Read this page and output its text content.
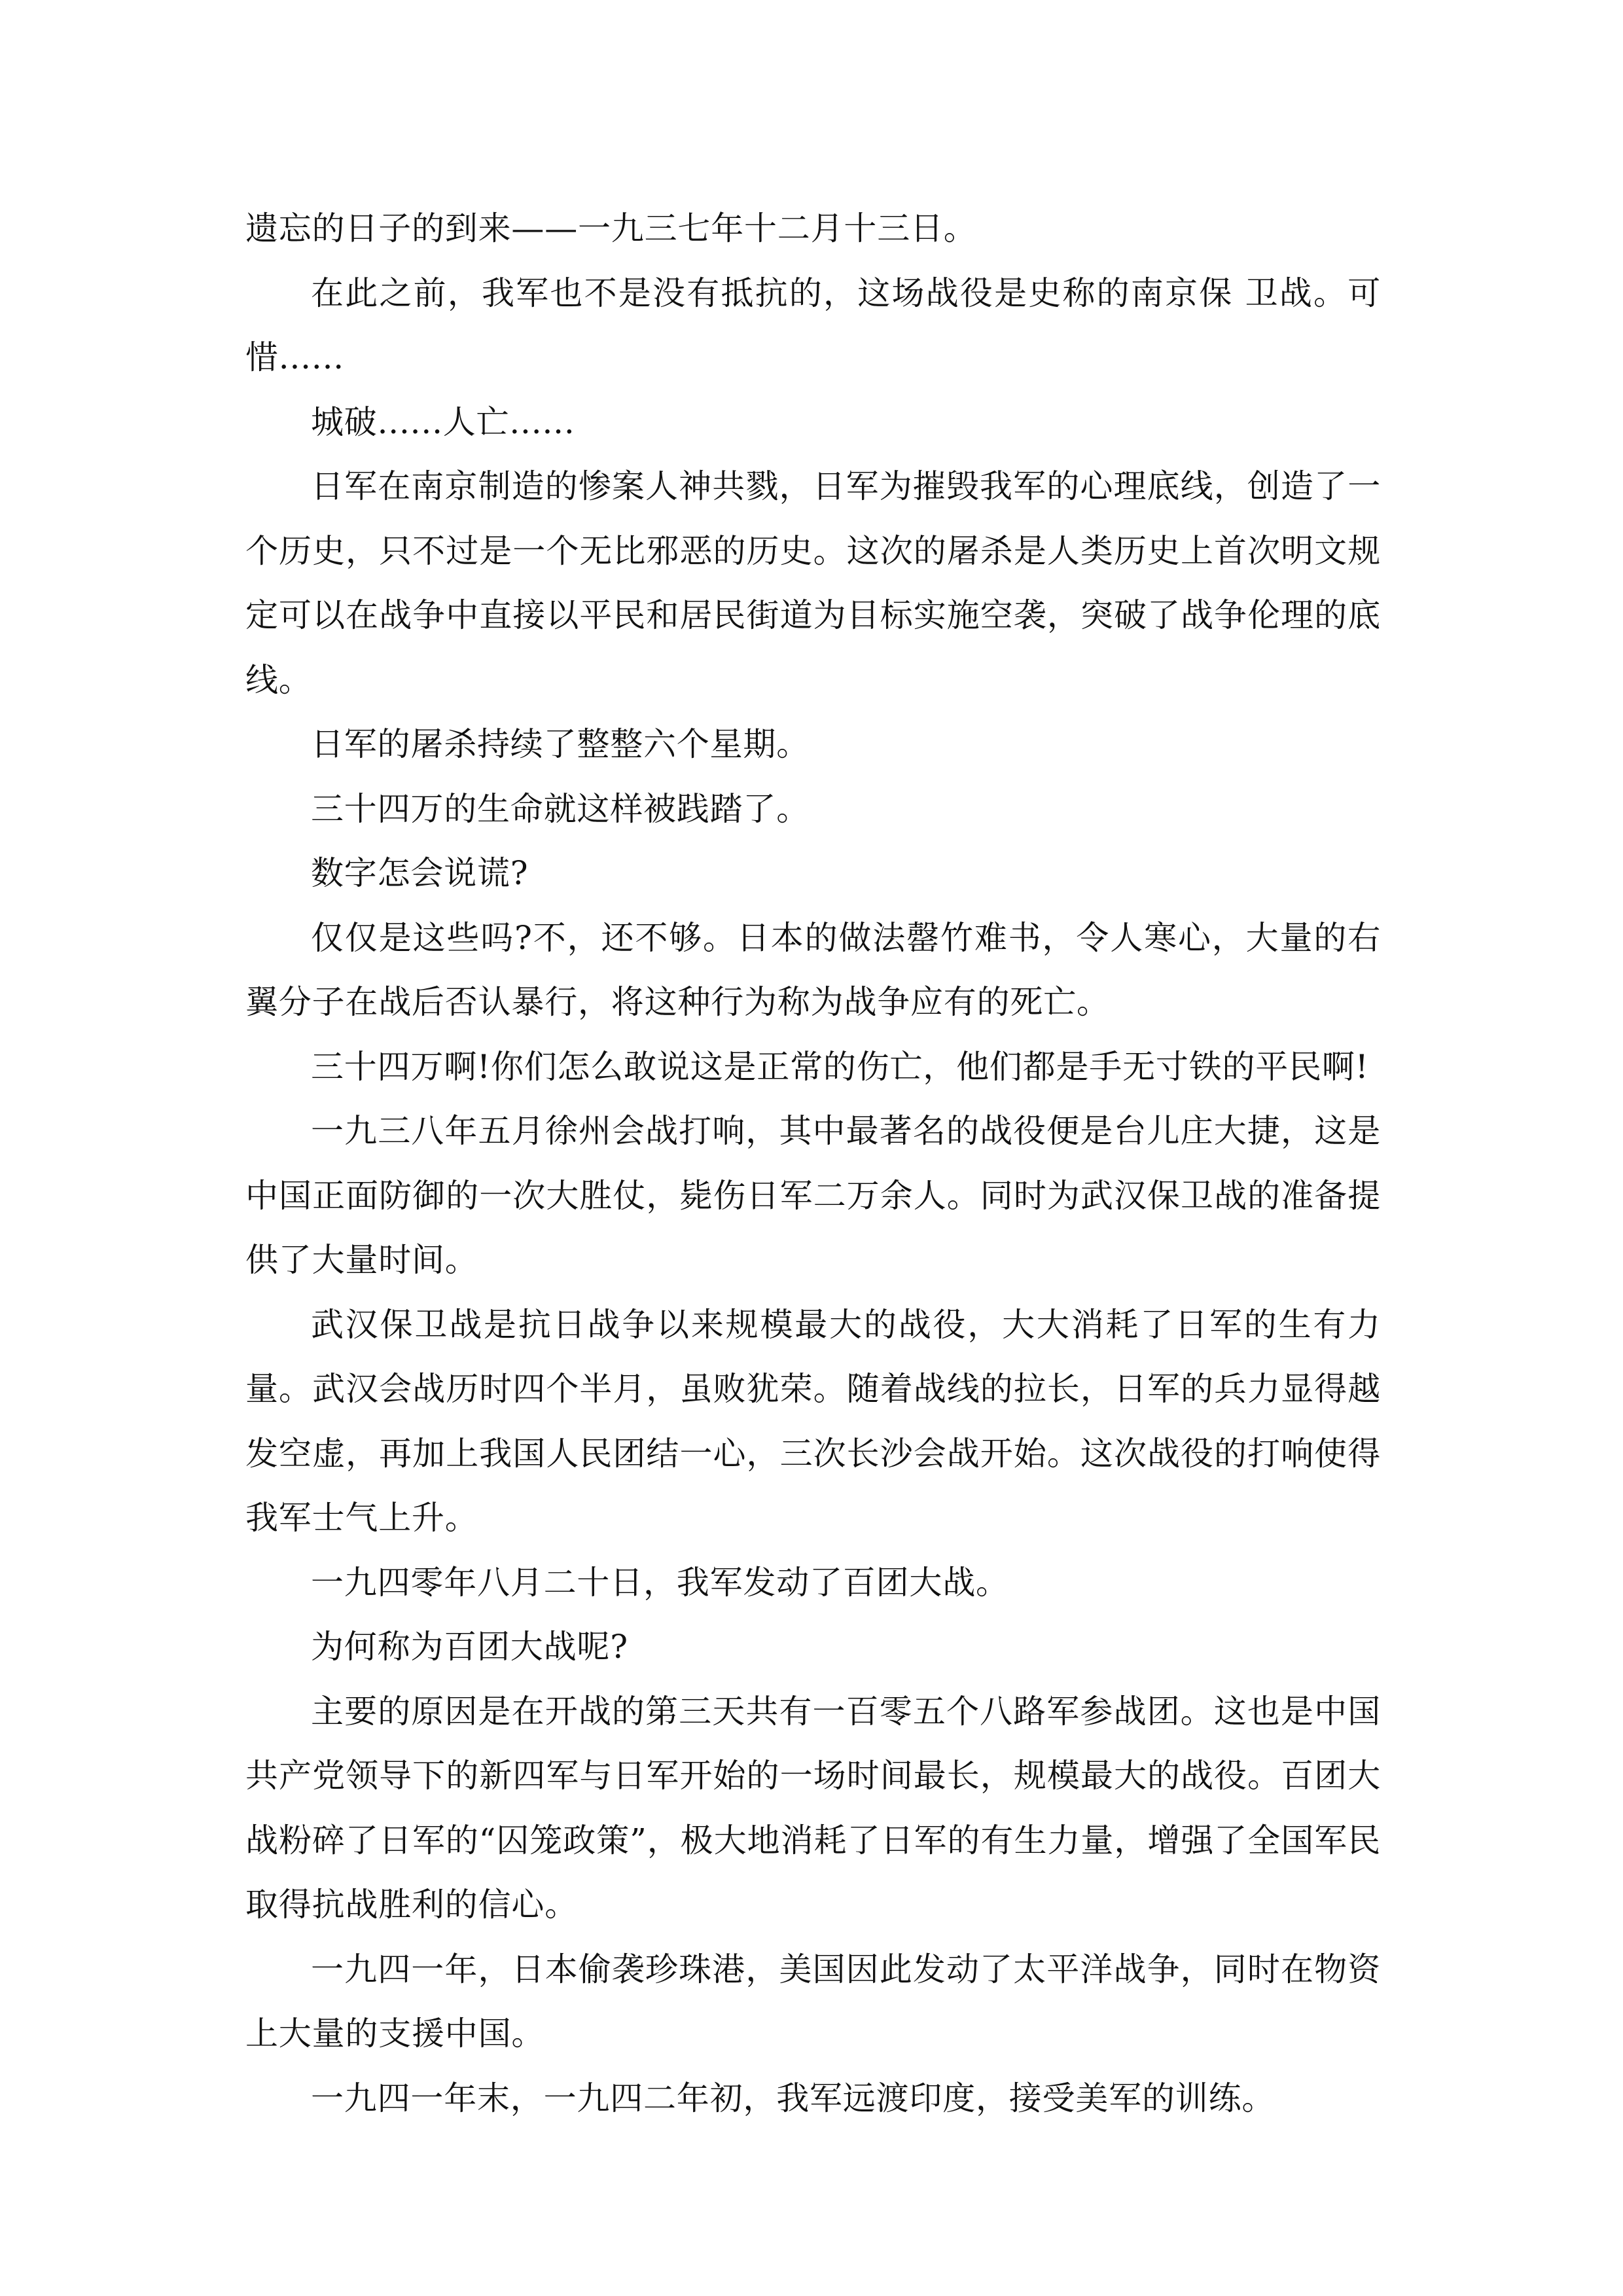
遗忘的日子的到来——一九三七年十二月十三日。

在此之前，我军也不是没有抵抗的，这场战役是史称的南京保 卫战。可惜......

城破......人亡......

日军在南京制造的惨案人神共戮，日军为摧毁我军的心理底线，创造了一个历史，只不过是一个无比邪恶的历史。这次的屠杀是人类历史上首次明文规定可以在战争中直接以平民和居民街道为目标实施空袭，突破了战争伦理的底线。

日军的屠杀持续了整整六个星期。

三十四万的生命就这样被践踏了。

数字怎会说谎?

仅仅是这些吗?不，还不够。日本的做法罄竹难书，令人寒心，大量的右翼分子在战后否认暴行，将这种行为称为战争应有的死亡。

三十四万啊!你们怎么敢说这是正常的伤亡，他们都是手无寸铁的平民啊!

一九三八年五月徐州会战打响，其中最著名的战役便是台儿庄大捷，这是中国正面防御的一次大胜仗，毙伤日军二万余人。同时为武汉保卫战的准备提供了大量时间。

武汉保卫战是抗日战争以来规模最大的战役，大大消耗了日军的生有力量。武汉会战历时四个半月，虽败犹荣。随着战线的拉长，日军的兵力显得越发空虚，再加上我国人民团结一心，三次长沙会战开始。这次战役的打响使得我军士气上升。

一九四零年八月二十日，我军发动了百团大战。

为何称为百团大战呢?

主要的原因是在开战的第三天共有一百零五个八路军参战团。这也是中国共产党领导下的新四军与日军开始的一场时间最长，规模最大的战役。百团大战粉碎了日军的“囚笼政策”，极大地消耗了日军的有生力量，增强了全国军民取得抗战胜利的信心。

一九四一年，日本偷袭珍珠港，美国因此发动了太平洋战争，同时在物资上大量的支援中国。

一九四一年末，一九四二年初，我军远渡印度，接受美军的训练。
